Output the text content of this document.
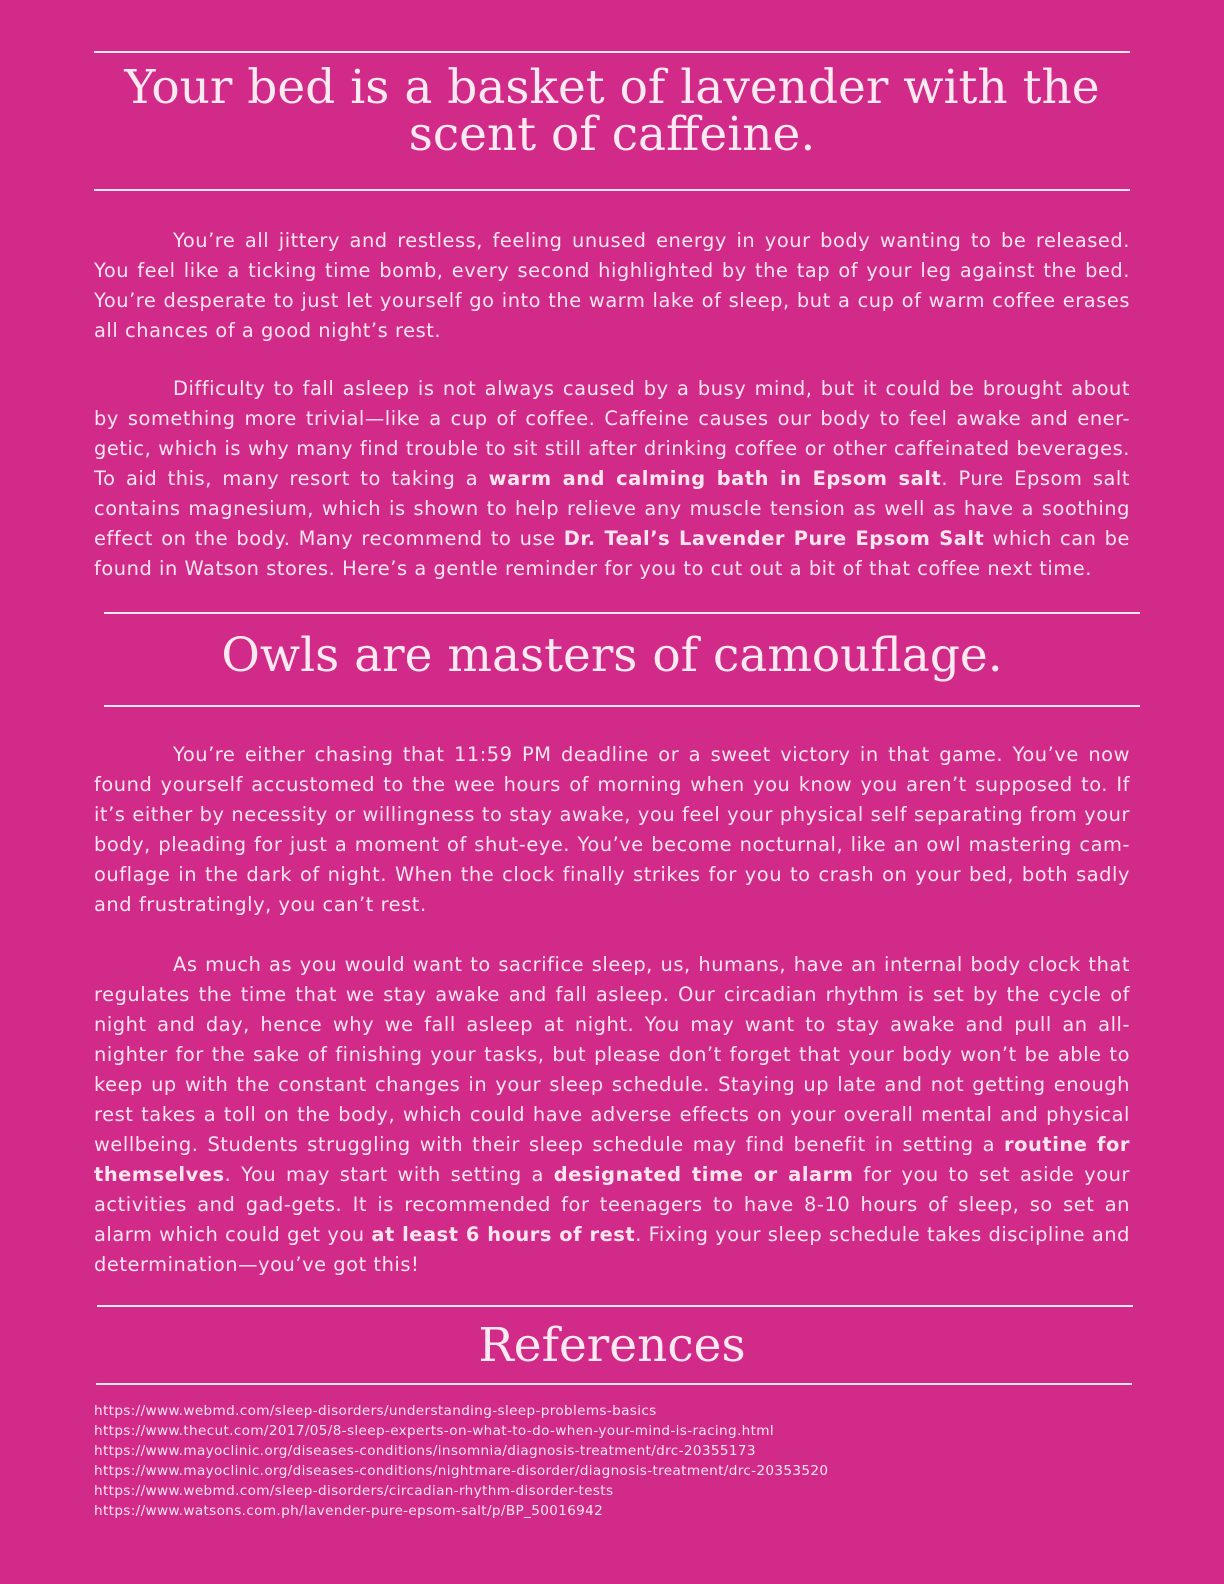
Your bed is a basket of lavender with the
scent of caffeine.

You’re all jittery and restless, feeling unused energy in your body wanting to be released. You feel like a ticking time bomb, every second highlighted by the tap of your leg against the bed. You’re desperate to just let yourself go into the warm lake of sleep, but a cup of warm coffee erases all chances of a good night’s rest.

Difficulty to fall asleep is not always caused by a busy mind, but it could be brought about by something more trivial—like a cup of coffee. Caffeine causes our body to feel awake and ener-getic, which is why many find trouble to sit still after drinking coffee or other caffeinated beverages. To aid this, many resort to taking a warm and calming bath in Epsom salt. Pure Epsom salt contains magnesium, which is shown to help relieve any muscle tension as well as have a soothing effect on the body. Many recommend to use Dr. Teal’s Lavender Pure Epsom Salt which can be found in Watson stores. Here’s a gentle reminder for you to cut out a bit of that coffee next time.

Owls are masters of camouflage.

You’re either chasing that 11:59 PM deadline or a sweet victory in that game. You’ve now found yourself accustomed to the wee hours of morning when you know you aren’t supposed to. If it’s either by necessity or willingness to stay awake, you feel your physical self separating from your body, pleading for just a moment of shut-eye. You’ve become nocturnal, like an owl mastering cam-ouflage in the dark of night. When the clock finally strikes for you to crash on your bed, both sadly and frustratingly, you can’t rest.

As much as you would want to sacrifice sleep, us, humans, have an internal body clock that regulates the time that we stay awake and fall asleep. Our circadian rhythm is set by the cycle of night and day, hence why we fall asleep at night. You may want to stay awake and pull an all-nighter for the sake of finishing your tasks, but please don’t forget that your body won’t be able to keep up with the constant changes in your sleep schedule. Staying up late and not getting enough rest takes a toll on the body, which could have adverse effects on your overall mental and physical wellbeing. Students struggling with their sleep schedule may find benefit in setting a routine for themselves. You may start with setting a designated time or alarm for you to set aside your activities and gad-gets. It is recommended for teenagers to have 8-10 hours of sleep, so set an alarm which could get you at least 6 hours of rest. Fixing your sleep schedule takes discipline and determination—you’ve got this!

References
https://www.webmd.com/sleep-disorders/understanding-sleep-problems-basics
https://www.thecut.com/2017/05/8-sleep-experts-on-what-to-do-when-your-mind-is-racing.html
https://www.mayoclinic.org/diseases-conditions/insomnia/diagnosis-treatment/drc-20355173
https://www.mayoclinic.org/diseases-conditions/nightmare-disorder/diagnosis-treatment/drc-20353520
https://www.webmd.com/sleep-disorders/circadian-rhythm-disorder-tests
https://www.watsons.com.ph/lavender-pure-epsom-salt/p/BP_50016942
